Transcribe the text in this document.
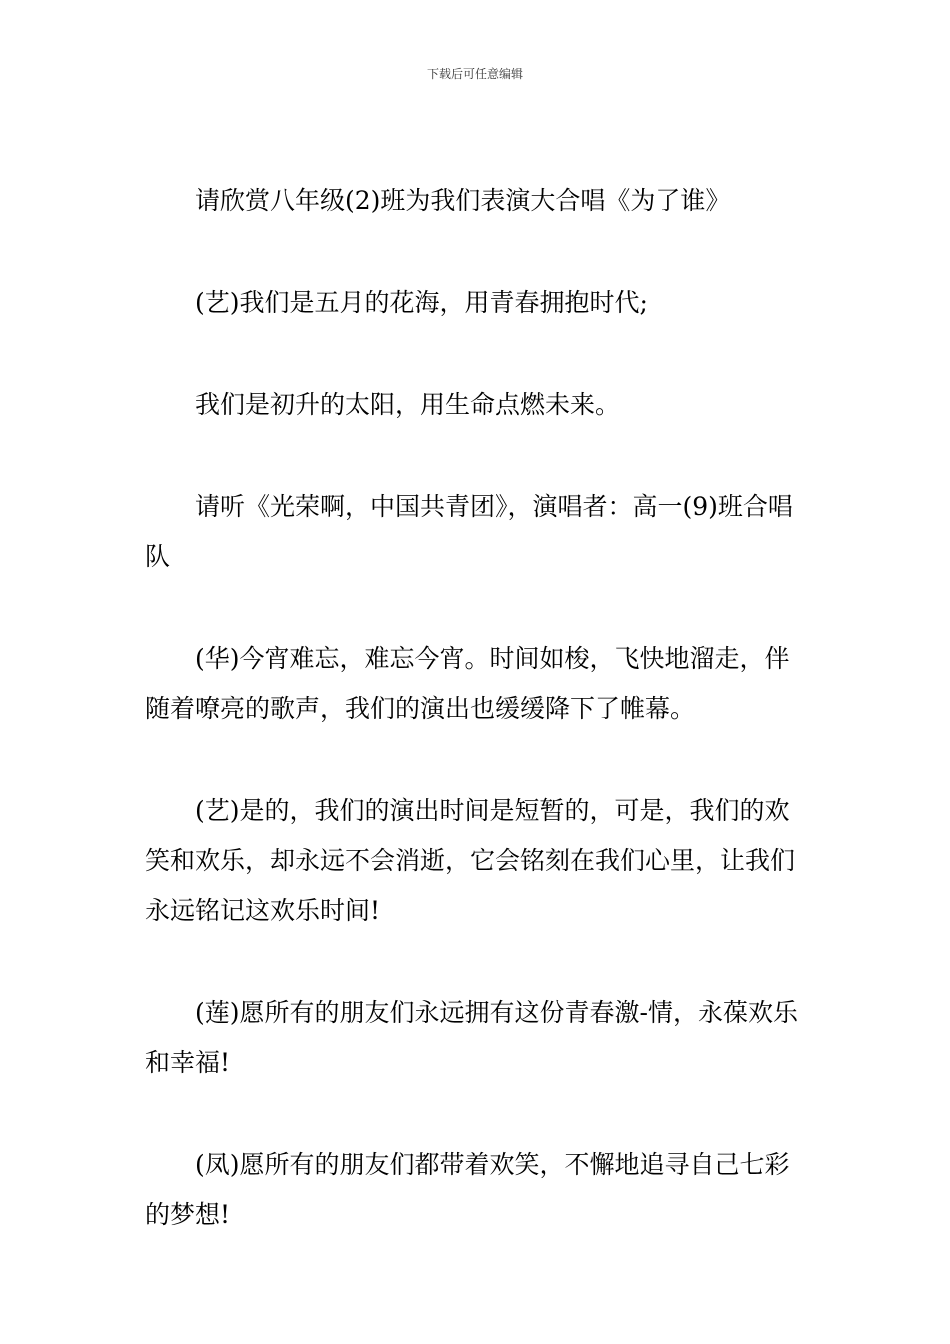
下载后可任意编辑

请欣赏八年级(2)班为我们表演大合唱《为了谁》

(艺)我们是五月的花海，用青春拥抱时代;

我们是初升的太阳，用生命点燃未来。

请听《光荣啊，中国共青团》，演唱者：高一(9)班合唱队

(华)今宵难忘，难忘今宵。时间如梭，飞快地溜走，伴随着嘹亮的歌声，我们的演出也缓缓降下了帷幕。

(艺)是的，我们的演出时间是短暂的，可是，我们的欢笑和欢乐，却永远不会消逝，它会铭刻在我们心里，让我们永远铭记这欢乐时间!

(莲)愿所有的朋友们永远拥有这份青春激-情，永葆欢乐和幸福!

(凤)愿所有的朋友们都带着欢笑，不懈地追寻自己七彩的梦想!
